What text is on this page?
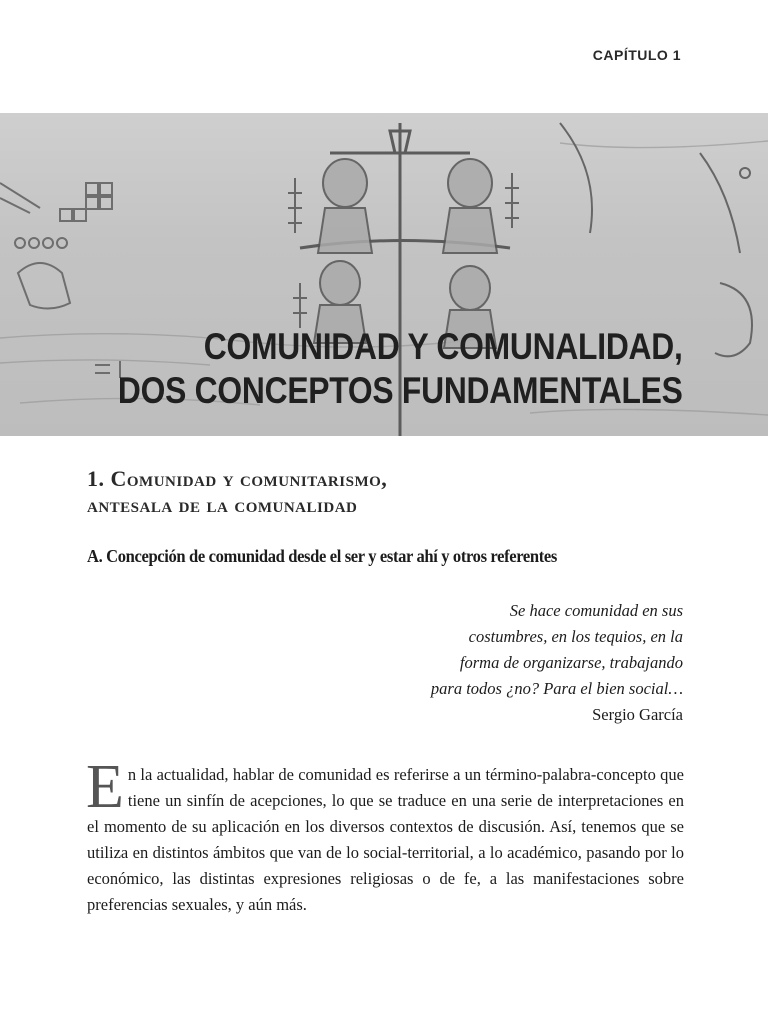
CAPÍTULO 1
COMUNIDAD Y COMUNALIDAD,
DOS CONCEPTOS FUNDAMENTALES
1. Comunidad y comunitarismo,
antesala de la comunalidad
A. Concepción de comunidad desde el ser y estar ahí y otros referentes
Se hace comunidad en sus
costumbres, en los tequios, en la
forma de organizarse, trabajando
para todos ¿no? Para el bien social…
Sergio García

En la actualidad, hablar de comunidad es referirse a un término-palabra-concepto que tiene un sinfín de acepciones, lo que se traduce en una serie de interpretaciones en el momento de su aplicación en los diversos contextos de discusión. Así, tenemos que se utiliza en distintos ámbitos que van de lo social-territorial, a lo académico, pasando por lo económico, las distintas expresiones religiosas o de fe, a las manifestaciones sobre preferencias sexuales, y aún más.
